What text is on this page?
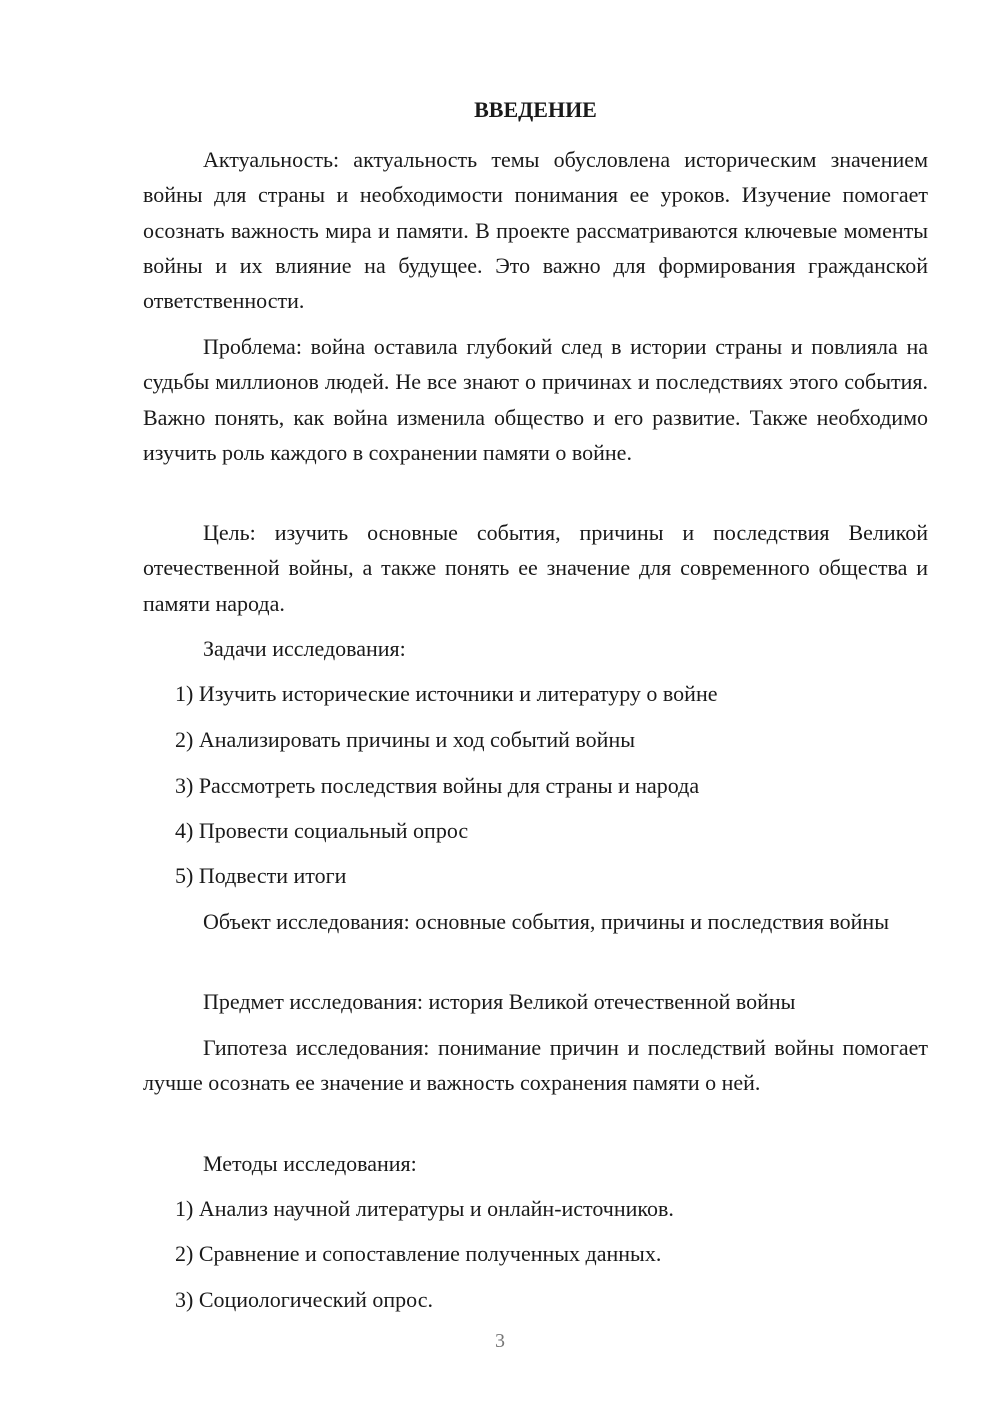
ВВЕДЕНИЕ

Актуальность: актуальность темы обусловлена историческим значением войны для страны и необходимости понимания ее уроков. Изучение помогает осознать важность мира и памяти. В проекте рассматриваются ключевые моменты войны и их влияние на будущее. Это важно для формирования гражданской ответственности.

Проблема: война оставила глубокий след в истории страны и повлияла на судьбы миллионов людей. Не все знают о причинах и последствиях этого события. Важно понять, как война изменила общество и его развитие. Также необходимо изучить роль каждого в сохранении памяти о войне.

Цель: изучить основные события, причины и последствия Великой отечественной войны, а также понять ее значение для современного общества и памяти народа.

Задачи исследования:
1) Изучить исторические источники и литературу о войне
2) Анализировать причины и ход событий войны
3) Рассмотреть последствия войны для страны и народа
4) Провести социальный опрос
5) Подвести итоги

Объект исследования: основные события, причины и последствия войны

Предмет исследования: история Великой отечественной войны

Гипотеза исследования: понимание причин и последствий войны помогает лучше осознать ее значение и важность сохранения памяти о ней.

Методы исследования:
1) Анализ научной литературы и онлайн-источников.
2) Сравнение и сопоставление полученных данных.
3) Социологический опрос.
3
